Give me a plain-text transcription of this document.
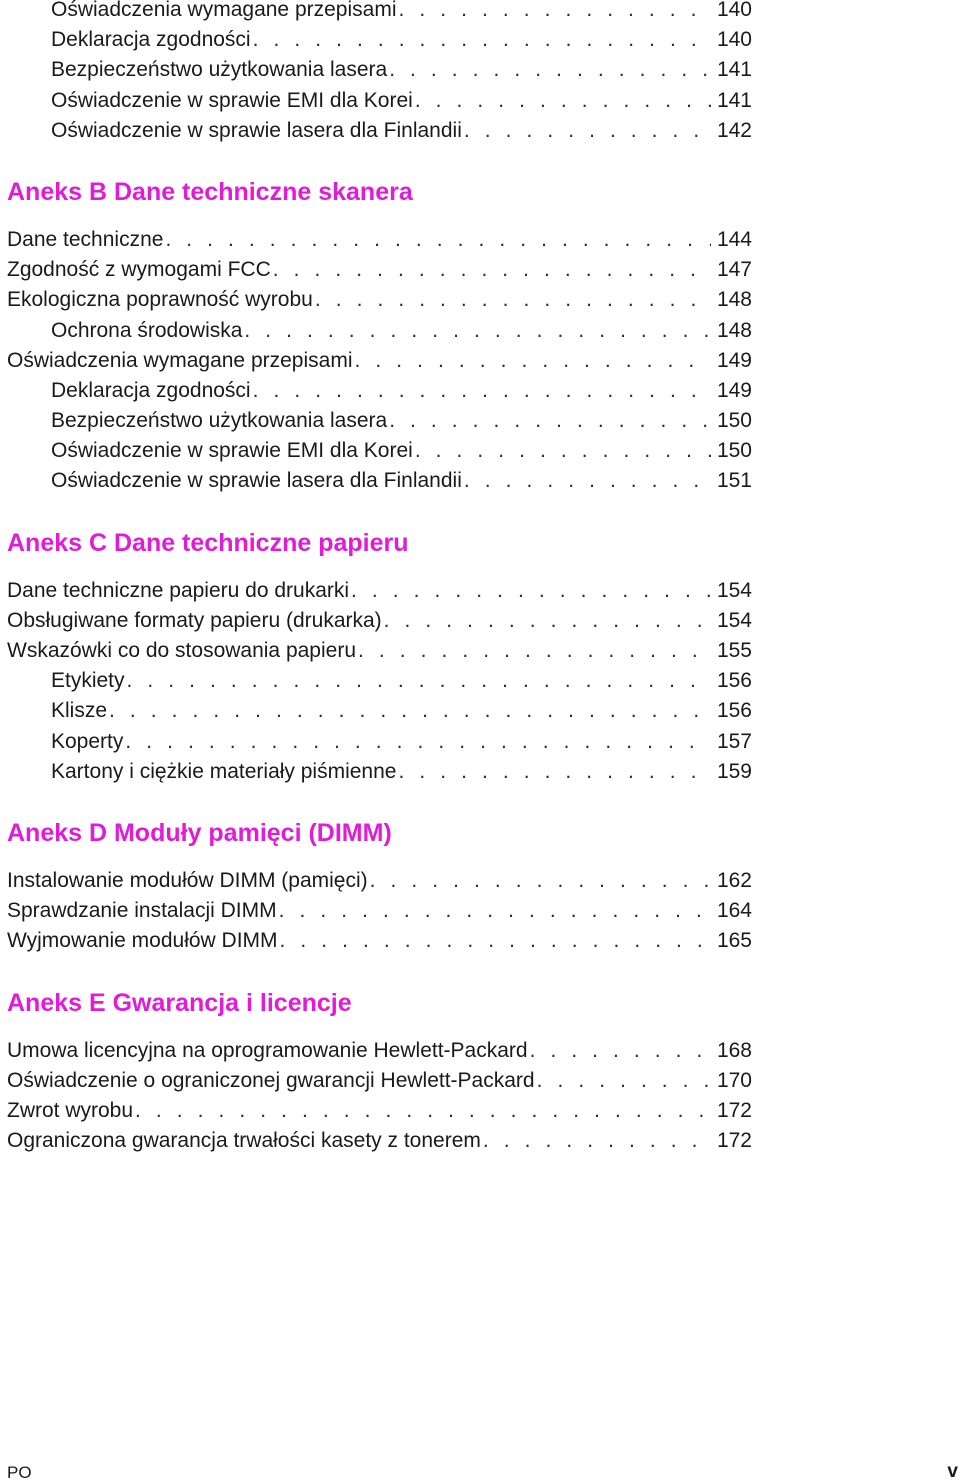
Oświadczenia wymagane przepisami . . .	140
Deklaracja zgodności . . .	140
Bezpieczeństwo użytkowania lasera . . .	141
Oświadczenie w sprawie EMI dla Korei . . .	141
Oświadczenie w sprawie lasera dla Finlandii . . .	142
Aneks B Dane techniczne skanera
Dane techniczne . . .	144
Zgodność z wymogami FCC . . .	147
Ekologiczna poprawność wyrobu . . .	148
Ochrona środowiska . . .	148
Oświadczenia wymagane przepisami . . .	149
Deklaracja zgodności . . .	149
Bezpieczeństwo użytkowania lasera . . .	150
Oświadczenie w sprawie EMI dla Korei . . .	150
Oświadczenie w sprawie lasera dla Finlandii . . .	151
Aneks C Dane techniczne papieru
Dane techniczne papieru do drukarki . . .	154
Obsługiwane formaty papieru (drukarka) . . .	154
Wskazówki co do stosowania papieru . . .	155
Etykiety . . .	156
Klisze . . .	156
Koperty . . .	157
Kartony i ciężkie materiały piśmienne . . .	159
Aneks D Moduły pamięci (DIMM)
Instalowanie modułów DIMM (pamięci) . . .	162
Sprawdzanie instalacji DIMM . . .	164
Wyjmowanie modułów DIMM . . .	165
Aneks E Gwarancja i licencje
Umowa licencyjna na oprogramowanie Hewlett-Packard . . .	168
Oświadczenie o ograniczonej gwarancji Hewlett-Packard . . .	170
Zwrot wyrobu . . .	172
Ograniczona gwarancja trwałości kasety z tonerem . . .	172
PO	v
